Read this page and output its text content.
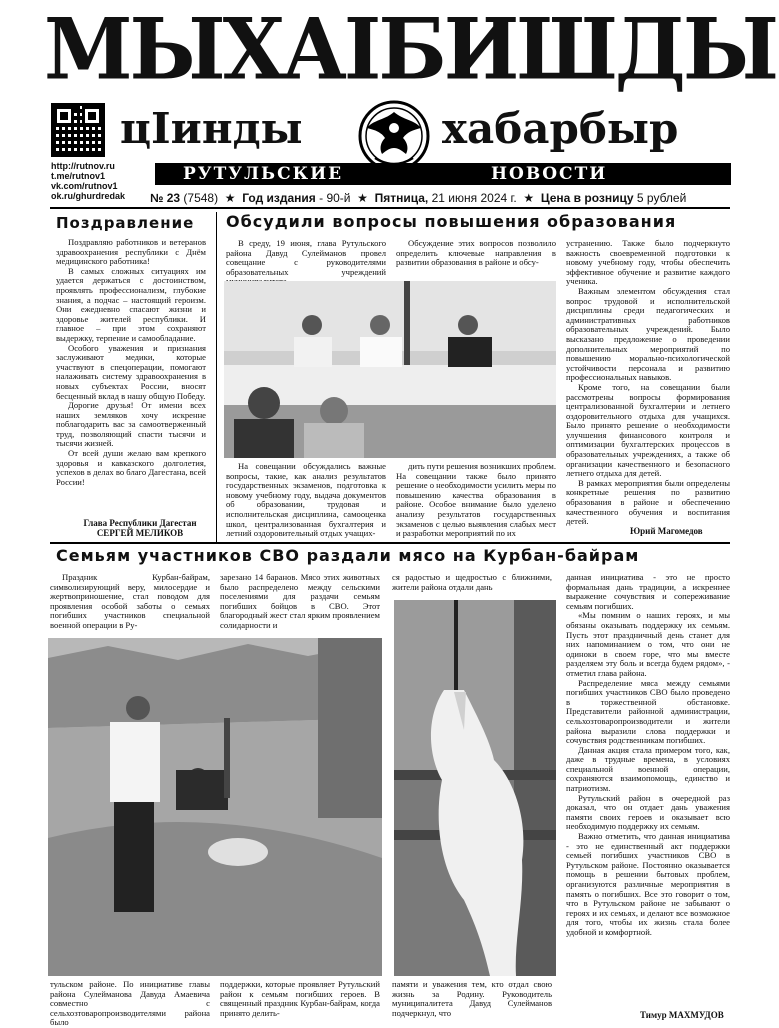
МЫХАІБИШДЫ
цІинды	хабарбыр
http://rutnov.ru
t.me/rutnov1
vk.com/rutnov1
ok.ru/ghurdredak
РУТУЛЬСКИЕ	НОВОСТИ
№ 23 (7548)  ★  Год издания - 90-й  ★  Пятница, 21 июня 2024 г.  ★  Цена в розницу 5 рублей
Поздравление

Поздравляю работников и ветеранов здравоохранения республики с Днём медицинского работника!

В самых сложных ситуациях им удается держаться с достоинством, проявлять профессионализм, глубокие знания, а подчас – настоящий героизм. Они ежедневно спасают жизни и здоровье жителей республики. И главное – при этом сохраняют выдержку, терпение и самообладание.

Особого уважения и признания заслуживают медики, которые участвуют в спецоперации, помогают налаживать систему здравоохранения в новых субъектах России, вносят бесценный вклад в нашу общую Победу.

Дорогие друзья! От имени всех наших земляков хочу искренне поблагодарить вас за самоотверженный труд, позволяющий спасти тысячи и тысячи жизней.

От всей души желаю вам крепкого здоровья и кавказского долголетия, успехов в делах во благо Дагестана, всей России!

Глава Республики Дагестан
СЕРГЕЙ МЕЛИКОВ
Обсудили вопросы повышения образования

В среду, 19 июня, глава Рутульского района Давуд Сулейманов провел совещание с руководителями образовательных учреждений

Обсуждение этих вопросов позволило определить ключевые направления в развитии образования в районе и обсу-

На совещании обсуждались важные вопросы, такие, как анализ результатов государственных экзаменов, подготовка к новому учебному году, выдача документов об образовании, трудовая и исполнительская дисциплина, самооценка школ, централизованная бухгалтерия и летний оздоровительный отдых учащих-

дить пути решения возникших проблем. На совещании также было принято решение о необходимости усилить меры по повышению качества образования в районе. Особое внимание было уделено анализу результатов государственных экзаменов с целью выявления слабых мест и разработки мероприятий по их

устранению. Также было подчеркнуто важность своевременной подготовки к новому учебному году, чтобы обеспечить эффективное обучение и развитие каждого ученика.

Важным элементом обсуждения стал вопрос трудовой и исполнительской дисциплины среди педагогических и административных работников образовательных учреждений. Было высказано предложение о проведении дополнительных мероприятий по повышению морально-психологической устойчивости персонала и развитию профессиональных навыков.

Кроме того, на совещании были рассмотрены вопросы формирования централизованной бухгалтерии и летнего оздоровительного отдыха для учащихся. Было принято решение о необходимости улучшения финансового контроля и оптимизации бухгалтерских процессов в образовательных учреждениях, а также об организации качественного и безопасного летнего отдыха для детей.

В рамках мероприятия были определены конкретные решения по развитию образования в районе и обеспечению качественного обучения и воспитания детей.

Юрий Магомедов
Семьям участников СВО раздали мясо на Курбан-байрам

Праздник Курбан-байрам, символизирующий веру, милосердие и жертвоприношение, стал поводом для проявления особой заботы о семьях погибших участников специальной военной операции в Ру-

зарезано 14 баранов. Мясо этих животных было распределено между сельскими поселениями для раздачи семьям погибших бойцов в СВО. Этот благородный жест стал ярким проявлением солидарности и

ся радостью и щедростью с ближними, жители района отдали дань

тульском районе. По инициативе главы района Сулейманова Давуда Амаевича совместно с сельхозтоваропроизводителями района было

поддержки, которые проявляет Рутульский район к семьям погибших героев. В священный праздник Курбан-байрам, когда принято делить-

памяти и уважения тем, кто отдал свою жизнь за Родину. Руководитель муниципалитета Давуд Сулейманов подчеркнул, что

данная инициатива - это не просто формальная дань традиции, а искреннее выражение сочувствия и сопереживание семьям погибших.

«Мы помним о наших героях, и мы обязаны оказывать поддержку их семьям. Пусть этот праздничный день станет для них напоминанием о том, что они не одиноки в своем горе, что мы вместе разделяем эту боль и всегда будем рядом», - отметил глава района.

Распределение мяса между семьями погибших участников СВО было проведено в торжественной обстановке. Представители районной администрации, сельхозтоваропроизводители и жители района выразили слова поддержки и сочувствия родственникам погибших.

Данная акция стала примером того, как, даже в трудные времена, в условиях специальной военной операции, сохраняются взаимопомощь, единство и патриотизм.

Рутульский район в очередной раз доказал, что он отдает дань уважения памяти своих героев и оказывает всю необходимую поддержку их семьям.

Важно отметить, что данная инициатива - это не единственный акт поддержки семьей погибших участников СВО в Рутульском районе. Постоянно оказывается помощь в решении бытовых проблем, организуются различные мероприятия в память о погибших. Все это говорит о том, что в Рутульском районе не забывают о героях и их семьях, и делают все возможное для того, чтобы их жизнь стала более удобной и комфортной.

Тимур МАХМУДОВ
